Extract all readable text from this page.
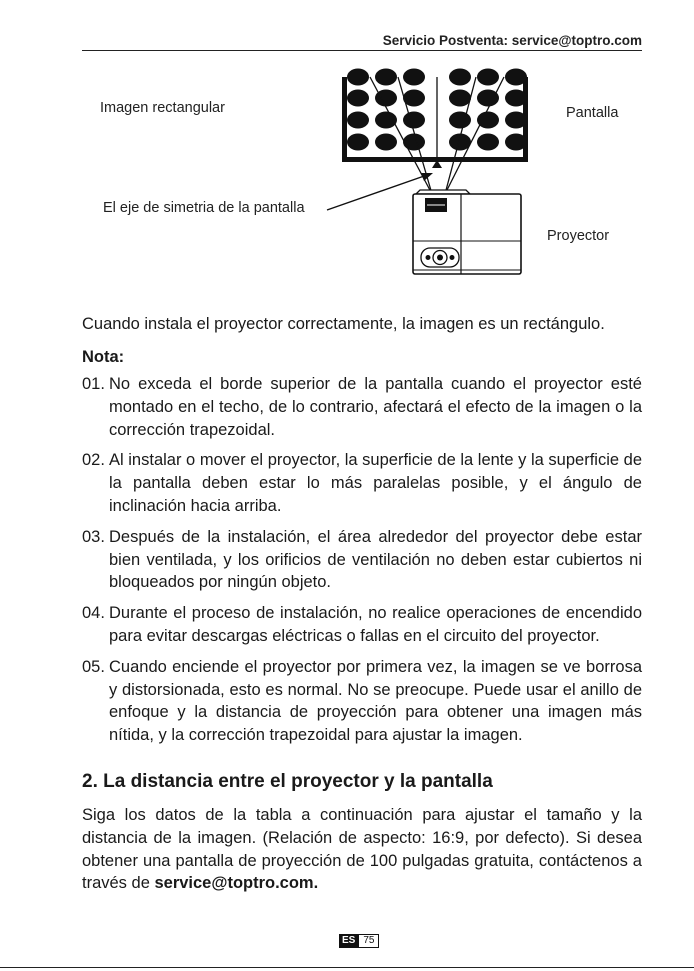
Servicio Postventa: service@toptro.com
Imagen rectangular	Pantalla
El eje de simetria de la pantalla
Proyector

Cuando instala el proyector correctamente, la imagen es un rectángulo.

Nota:
01. No exceda el borde superior de la pantalla cuando el proyector esté montado en el techo, de lo contrario, afectará el efecto de la imagen o la corrección trapezoidal.
02. Al instalar o mover el proyector, la superficie de la lente y la superficie de la pantalla deben estar lo más paralelas posible, y el ángulo de inclinación hacia arriba.
03. Después de la instalación, el área alrededor del proyector debe estar bien ventilada, y los orificios de ventilación no deben estar cubiertos ni bloqueados por ningún objeto.
04. Durante el proceso de instalación, no realice operaciones de encendido para evitar descargas eléctricas o fallas en el circuito del proyector.
05. Cuando enciende el proyector por primera vez, la imagen se ve borrosa y distorsionada, esto es normal. No se preocupe. Puede usar el anillo de enfoque y la distancia de proyección para obtener una imagen más nítida, y la corrección trapezoidal para ajustar la imagen.
2. La distancia entre el proyector y la pantalla

Siga los datos de la tabla a continuación para ajustar el tamaño y la distancia de la imagen. (Relación de aspecto: 16:9, por defecto). Si desea obtener una pantalla de proyección de 100 pulgadas gratuita, contáctenos a través de service@toptro.com.

ES 75
